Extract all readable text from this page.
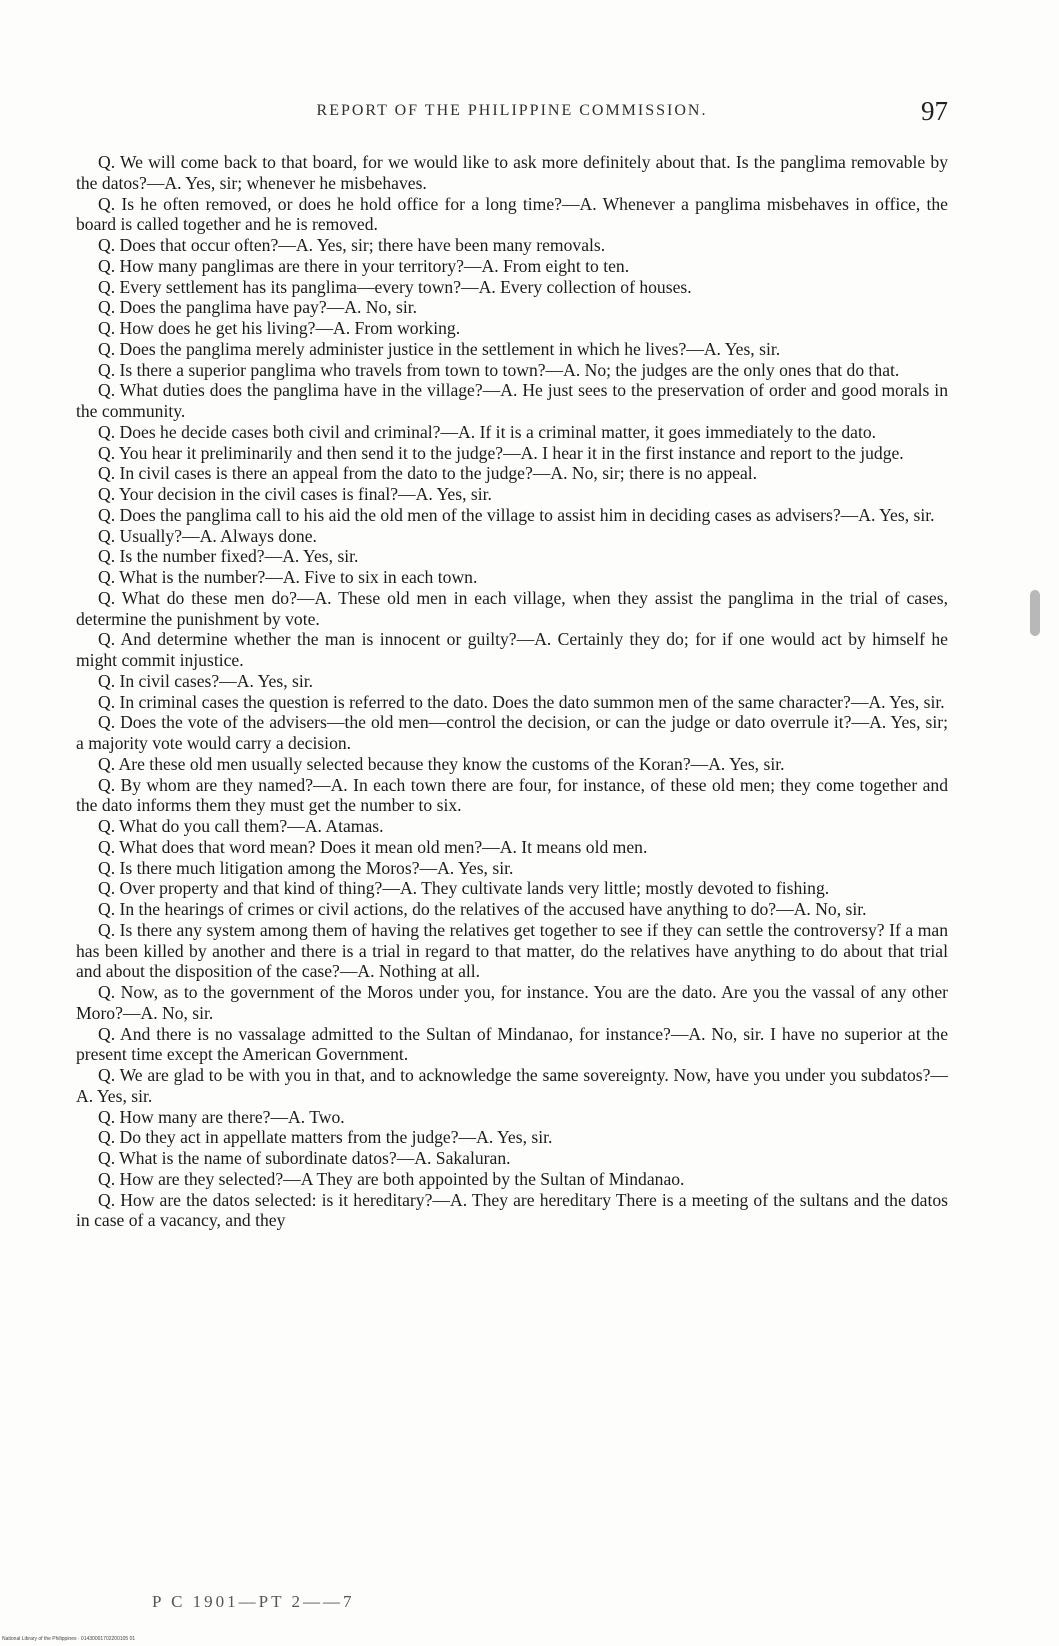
REPORT OF THE PHILIPPINE COMMISSION.	97

Q. We will come back to that board, for we would like to ask more definitely about that. Is the panglima removable by the datos?—A. Yes, sir; whenever he misbehaves.

Q. Is he often removed, or does he hold office for a long time?—A. Whenever a panglima misbehaves in office, the board is called together and he is removed.

Q. Does that occur often?—A. Yes, sir; there have been many removals.

Q. How many panglimas are there in your territory?—A. From eight to ten.

Q. Every settlement has its panglima—every town?—A. Every collection of houses.

Q. Does the panglima have pay?—A. No, sir.

Q. How does he get his living?—A. From working.

Q. Does the panglima merely administer justice in the settlement in which he lives?—A. Yes, sir.

Q. Is there a superior panglima who travels from town to town?—A. No; the judges are the only ones that do that.

Q. What duties does the panglima have in the village?—A. He just sees to the preservation of order and good morals in the community.

Q. Does he decide cases both civil and criminal?—A. If it is a criminal matter, it goes immediately to the dato.

Q. You hear it preliminarily and then send it to the judge?—A. I hear it in the first instance and report to the judge.

Q. In civil cases is there an appeal from the dato to the judge?—A. No, sir; there is no appeal.

Q. Your decision in the civil cases is final?—A. Yes, sir.

Q. Does the panglima call to his aid the old men of the village to assist him in deciding cases as advisers?—A. Yes, sir.

Q. Usually?—A. Always done.

Q. Is the number fixed?—A. Yes, sir.

Q. What is the number?—A. Five to six in each town.

Q. What do these men do?—A. These old men in each village, when they assist the panglima in the trial of cases, determine the punishment by vote.

Q. And determine whether the man is innocent or guilty?—A. Certainly they do; for if one would act by himself he might commit injustice.

Q. In civil cases?—A. Yes, sir.

Q. In criminal cases the question is referred to the dato. Does the dato summon men of the same character?—A. Yes, sir.

Q. Does the vote of the advisers—the old men—control the decision, or can the judge or dato overrule it?—A. Yes, sir; a majority vote would carry a decision.

Q. Are these old men usually selected because they know the customs of the Koran?—A. Yes, sir.

Q. By whom are they named?—A. In each town there are four, for instance, of these old men; they come together and the dato informs them they must get the number to six.

Q. What do you call them?—A. Atamas.

Q. What does that word mean? Does it mean old men?—A. It means old men.

Q. Is there much litigation among the Moros?—A. Yes, sir.

Q. Over property and that kind of thing?—A. They cultivate lands very little; mostly devoted to fishing.

Q. In the hearings of crimes or civil actions, do the relatives of the accused have anything to do?—A. No, sir.

Q. Is there any system among them of having the relatives get together to see if they can settle the controversy? If a man has been killed by another and there is a trial in regard to that matter, do the relatives have anything to do about that trial and about the disposition of the case?—A. Nothing at all.

Q. Now, as to the government of the Moros under you, for instance. You are the dato. Are you the vassal of any other Moro?—A. No, sir.

Q. And there is no vassalage admitted to the Sultan of Mindanao, for instance?—A. No, sir. I have no superior at the present time except the American Government.

Q. We are glad to be with you in that, and to acknowledge the same sovereignty. Now, have you under you subdatos?—A. Yes, sir.

Q. How many are there?—A. Two.

Q. Do they act in appellate matters from the judge?—A. Yes, sir.

Q. What is the name of subordinate datos?—A. Sakaluran.

Q. How are they selected?—A They are both appointed by the Sultan of Mindanao.

Q. How are the datos selected: is it hereditary?—A. They are hereditary There is a meeting of the sultans and the datos in case of a vacancy, and they

P C 1901—PT 2——7
National Library of the Philippines · 01430001702200105 01
